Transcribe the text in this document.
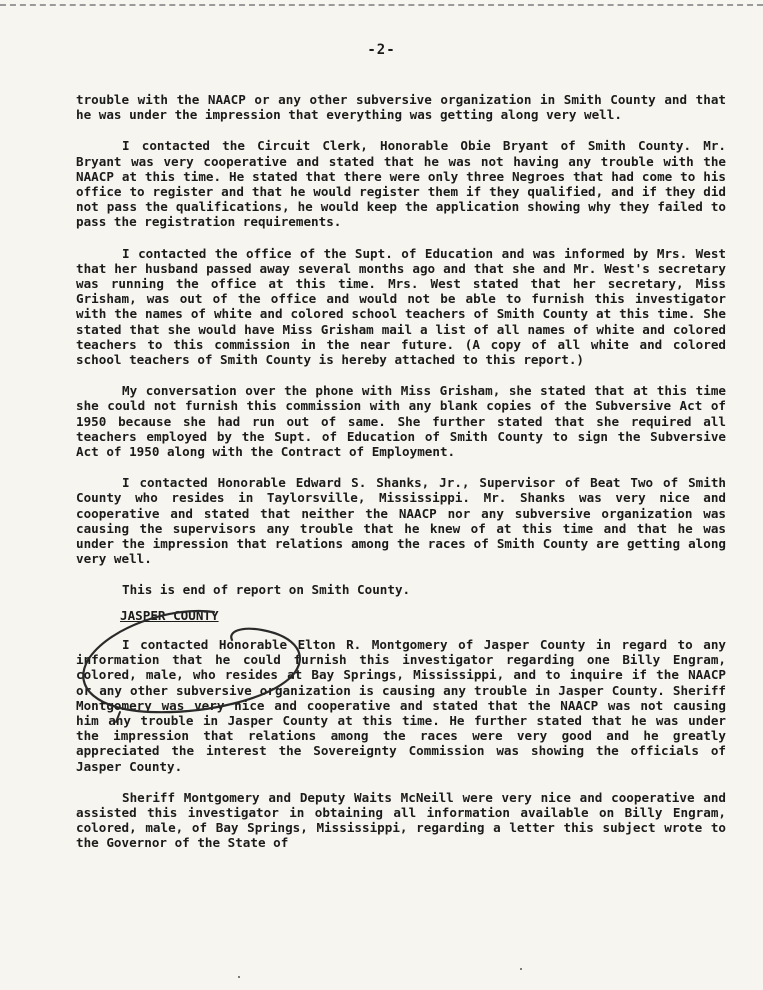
-2-

trouble with the NAACP or any other subversive organization in Smith County and that he was under the impression that everything was getting along very well.

I contacted the Circuit Clerk, Honorable Obie Bryant of Smith County. Mr. Bryant was very cooperative and stated that he was not having any trouble with the NAACP at this time. He stated that there were only three Negroes that had come to his office to register and that he would register them if they qualified, and if they did not pass the qualifications, he would keep the application showing why they failed to pass the registration requirements.

I contacted the office of the Supt. of Education and was informed by Mrs. West that her husband passed away several months ago and that she and Mr. West's secretary was running the office at this time. Mrs. West stated that her secretary, Miss Grisham, was out of the office and would not be able to furnish this investigator with the names of white and colored school teachers of Smith County at this time. She stated that she would have Miss Grisham mail a list of all names of white and colored teachers to this commission in the near future. (A copy of all white and colored school teachers of Smith County is hereby attached to this report.)

My conversation over the phone with Miss Grisham, she stated that at this time she could not furnish this commission with any blank copies of the Subversive Act of 1950 because she had run out of same. She further stated that she required all teachers employed by the Supt. of Education of Smith County to sign the Subversive Act of 1950 along with the Contract of Employment.

I contacted Honorable Edward S. Shanks, Jr., Supervisor of Beat Two of Smith County who resides in Taylorsville, Mississippi. Mr. Shanks was very nice and cooperative and stated that neither the NAACP nor any subversive organization was causing the supervisors any trouble that he knew of at this time and that he was under the impression that relations among the races of Smith County are getting along very well.

This is end of report on Smith County.

JASPER COUNTY

I contacted Honorable Elton R. Montgomery of Jasper County in regard to any information that he could furnish this investigator regarding one Billy Engram, colored, male, who resides at Bay Springs, Mississippi, and to inquire if the NAACP or any other subversive organization is causing any trouble in Jasper County. Sheriff Montgomery was very nice and cooperative and stated that the NAACP was not causing him any trouble in Jasper County at this time. He further stated that he was under the impression that relations among the races were very good and he greatly appreciated the interest the Sovereignty Commission was showing the officials of Jasper County.

Sheriff Montgomery and Deputy Waits McNeill were very nice and cooperative and assisted this investigator in obtaining all information available on Billy Engram, colored, male, of Bay Springs, Mississippi, regarding a letter this subject wrote to the Governor of the State of
